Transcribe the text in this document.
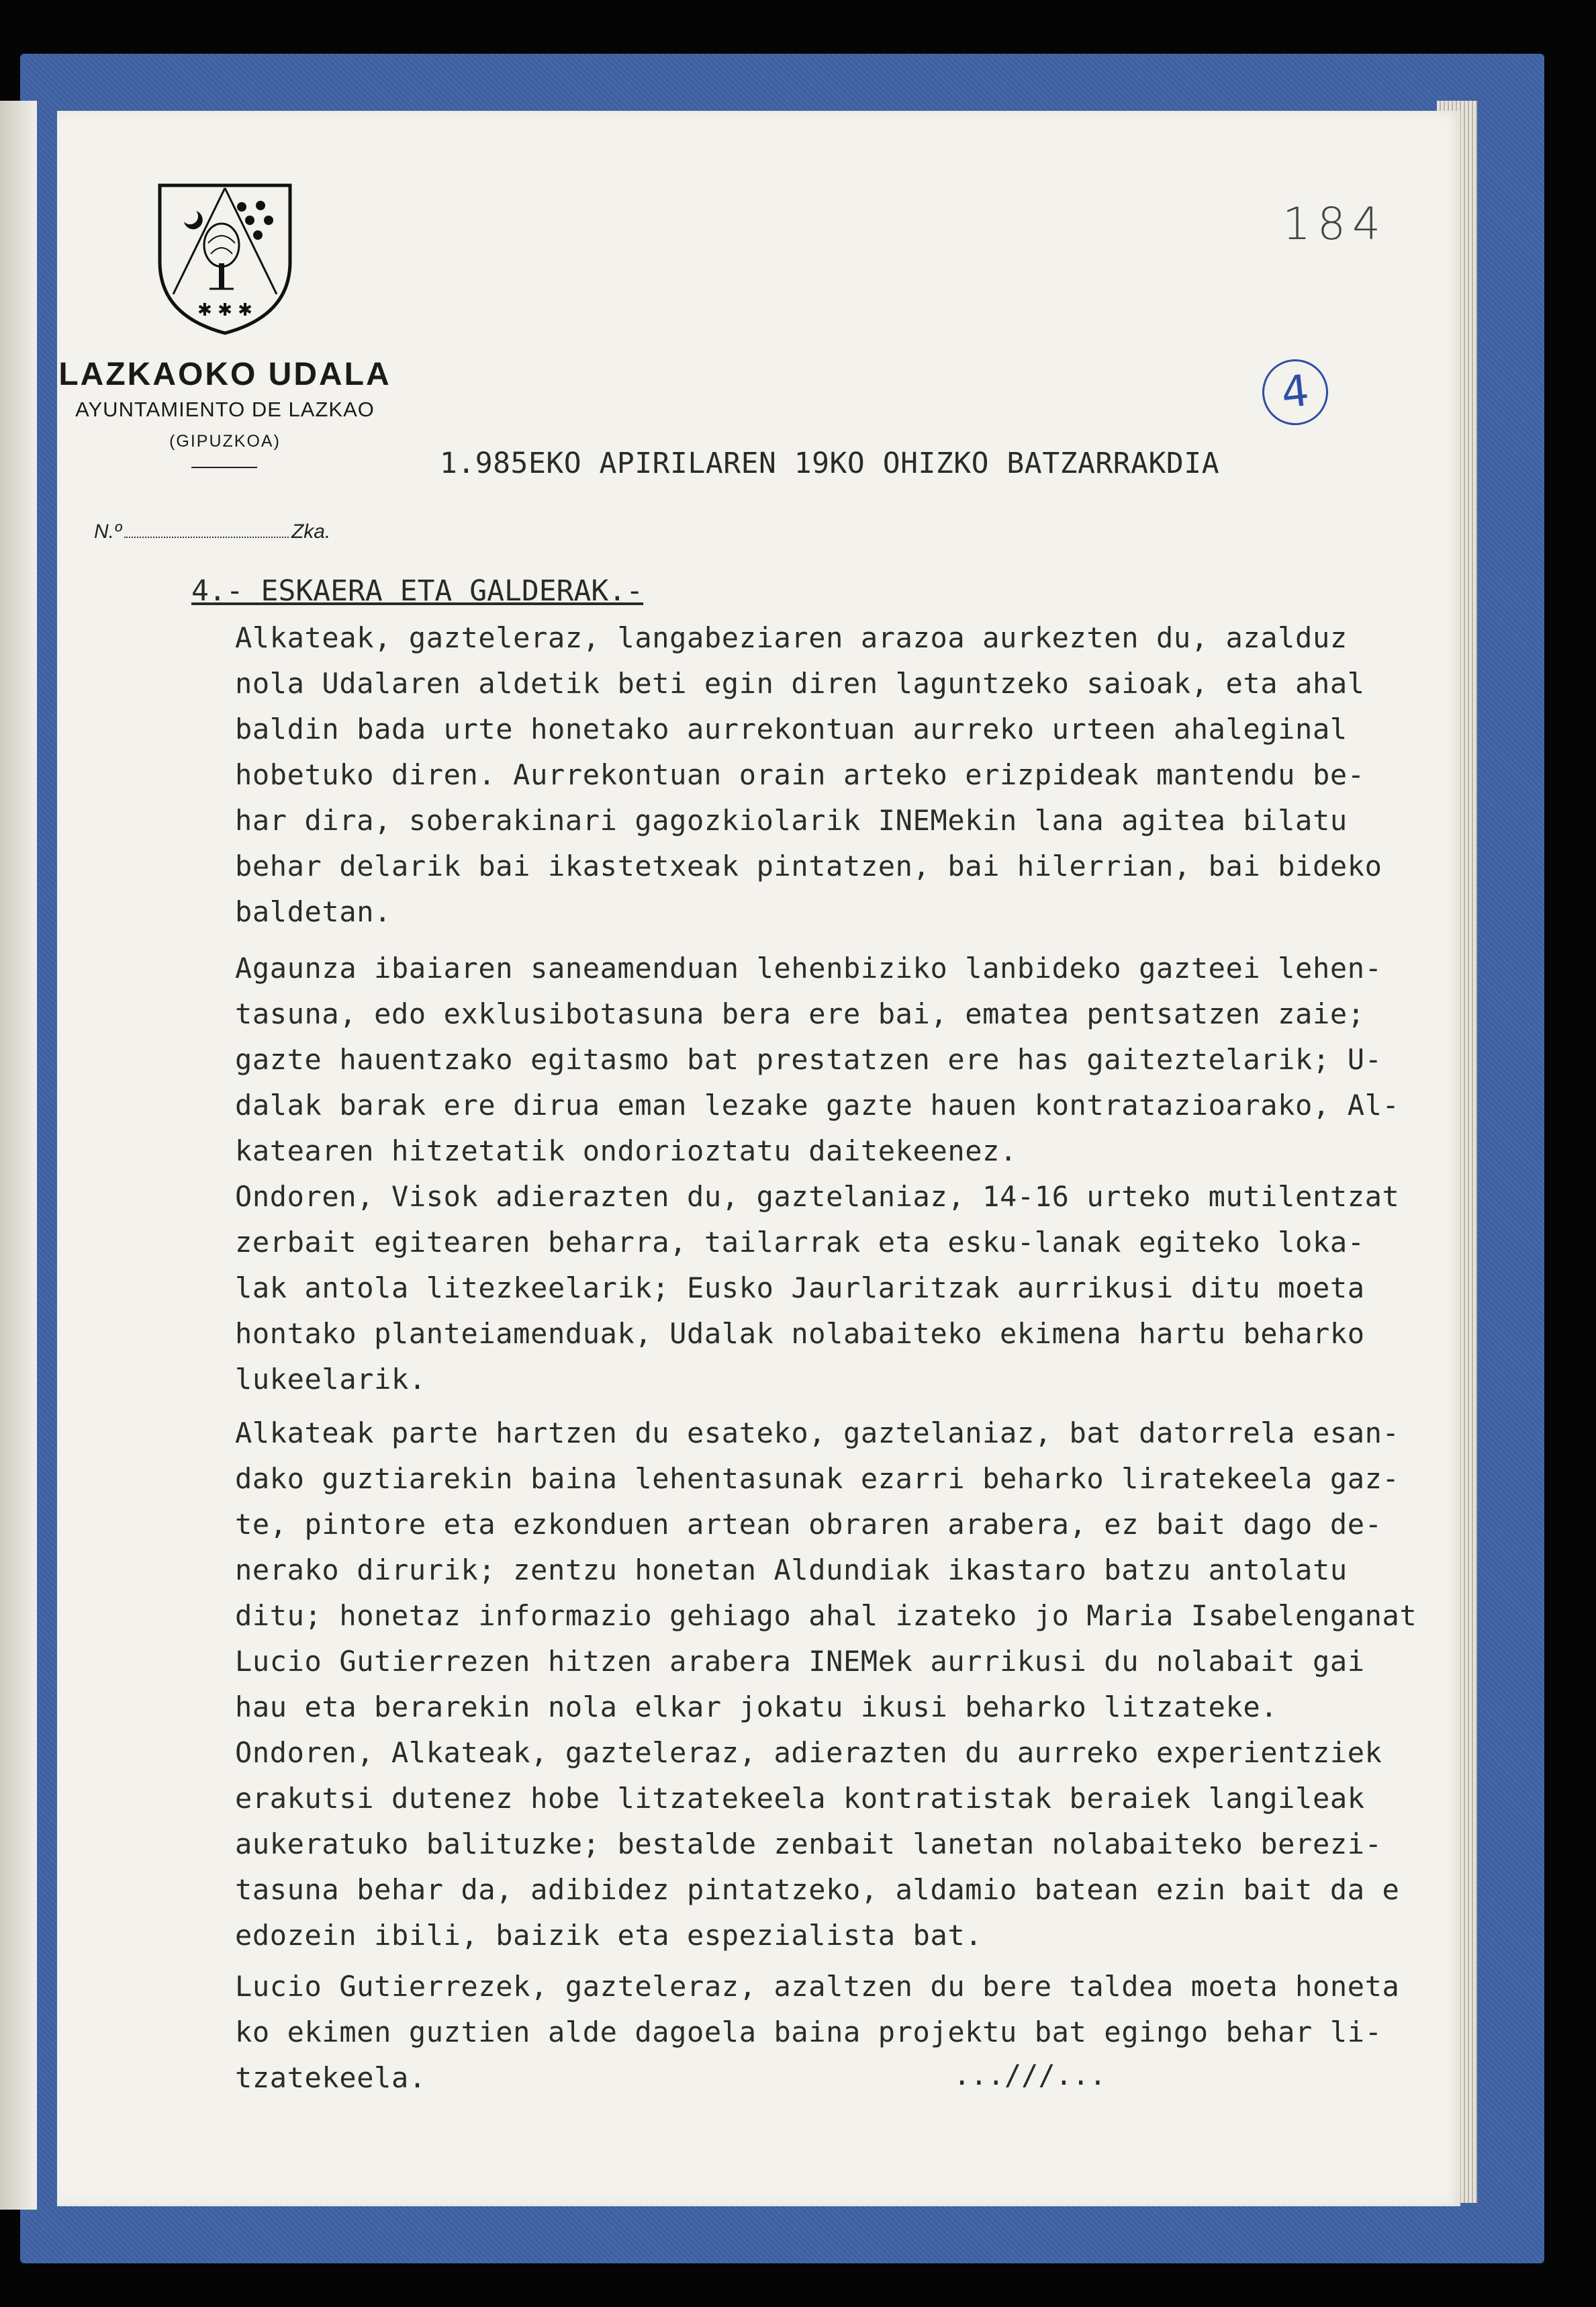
✱ ✱ ✱
LAZKAOKO UDALA
AYUNTAMIENTO DE LAZKAO
(GIPUZKOA)
N.º	Zka.
184
4
1.985EKO APIRILAREN 19KO OHIZKO BATZARRAKDIA
4.- ESKAERA ETA GALDERAK.-
Alkateak, gazteleraz, langabeziaren arazoa aurkezten du, azalduz
nola Udalaren aldetik beti egin diren laguntzeko saioak, eta ahal
baldin bada urte honetako aurrekontuan aurreko urteen ahaleginal
hobetuko diren. Aurrekontuan orain arteko erizpideak mantendu be-
har dira, soberakinari gagozkiolarik INEMekin lana agitea bilatu
behar delarik bai ikastetxeak pintatzen, bai hilerrian, bai bideko
baldetan.
Agaunza ibaiaren saneamenduan lehenbiziko lanbideko gazteei lehen-
tasuna, edo exklusibotasuna bera ere bai, ematea pentsatzen zaie;
gazte hauentzako egitasmo bat prestatzen ere has gaiteztelarik; U-
dalak barak ere dirua eman lezake gazte hauen kontratazioarako, Al-
katearen hitzetatik ondorioztatu daitekeenez.
Ondoren, Visok adierazten du, gaztelaniaz, 14-16 urteko mutilentzat
zerbait egitearen beharra, tailarrak eta esku-lanak egiteko loka-
lak antola litezkeelarik; Eusko Jaurlaritzak aurrikusi ditu moeta
hontako planteiamenduak, Udalak nolabaiteko ekimena hartu beharko
lukeelarik.
Alkateak parte hartzen du esateko, gaztelaniaz, bat datorrela esan-
dako guztiarekin baina lehentasunak ezarri beharko liratekeela gaz-
te, pintore eta ezkonduen artean obraren arabera, ez bait dago de-
nerako dirurik; zentzu honetan Aldundiak ikastaro batzu antolatu
ditu; honetaz informazio gehiago ahal izateko jo Maria Isabelenganat
Lucio Gutierrezen hitzen arabera INEMek aurrikusi du nolabait gai
hau eta berarekin nola elkar jokatu ikusi beharko litzateke.
Ondoren, Alkateak, gazteleraz, adierazten du aurreko experientziek
erakutsi dutenez hobe litzatekeela kontratistak beraiek langileak
aukeratuko balituzke; bestalde zenbait lanetan nolabaiteko berezi-
tasuna behar da, adibidez pintatzeko, aldamio batean ezin bait da e
edozein ibili, baizik eta espezialista bat.
Lucio Gutierrezek, gazteleraz, azaltzen du bere taldea moeta honeta
ko ekimen guztien alde dagoela baina projektu bat egingo behar li-
tzatekeela.	...///...
